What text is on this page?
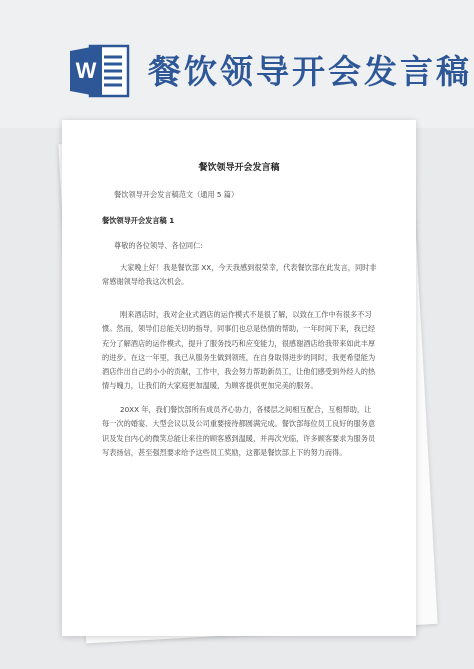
W 餐饮领导开会发言稿
餐饮领导开会发言稿
餐饮领导开会发言稿范文（通用 5 篇）
餐饮领导开会发言稿 1
尊敬的各位领导、各位同仁:

大家晚上好！我是餐饮部 XX，今天我感到很荣幸，代表餐饮部在此发言，同时非常感谢领导给我这次机会。

刚来酒店时，我对企业式酒店的运作模式不是很了解，以致在工作中有很多不习惯。然而，领导们总能关切的指导，同事们也总是热情的帮助，一年时间下来，我已经充分了解酒店的运作模式，提升了服务技巧和应变能力，很感谢酒店给我带来如此丰厚的进步。在这一年里，我已从服务生做到领班，在自身取得进步的同时，我更希望能为酒店作出自己的小小的贡献，工作中，我会努力帮助新员工，让他们感受到外经人的热情与魄力，让我们的大家庭更加温暖，为顾客提供更加完美的服务。

20XX 年，我们餐饮部所有成员齐心协力，各楼层之间相互配合，互相帮助，让每一次的婚宴、大型会议以及公司重要接待都圆满完成。餐饮部每位员工良好的服务意识及发自内心的微笑总能让来往的顾客感到温暖，并再次光临，许多顾客要求为服务员写表扬信，甚至强烈要求给予这些员工奖励，这都是餐饮部上下的努力而得。
